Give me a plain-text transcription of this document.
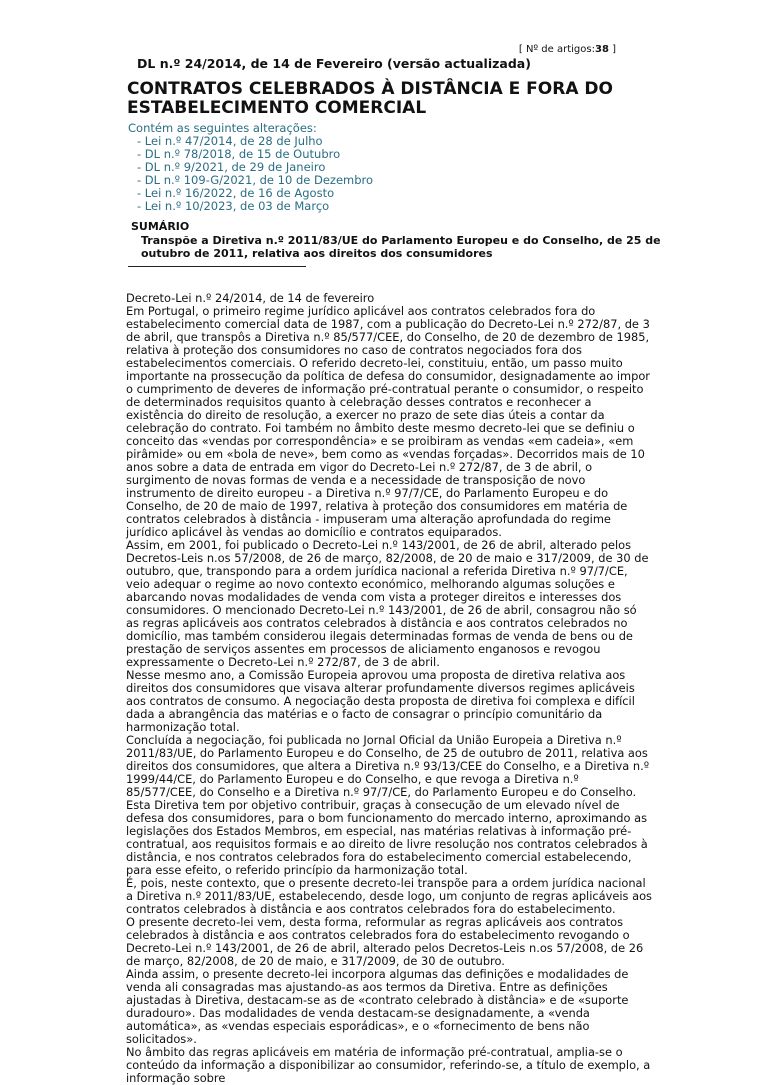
[ Nº de artigos:38 ]
DL n.º 24/2014, de 14 de Fevereiro (versão actualizada)
CONTRATOS CELEBRADOS À DISTÂNCIA E FORA DO ESTABELECIMENTO COMERCIAL
Contém as seguintes alterações:
- Lei n.º 47/2014, de 28 de Julho
- DL n.º 78/2018, de 15 de Outubro
- DL n.º 9/2021, de 29 de Janeiro
- DL n.º 109-G/2021, de 10 de Dezembro
- Lei n.º 16/2022, de 16 de Agosto
- Lei n.º 10/2023, de 03 de Março
SUMÁRIO
Transpõe a Diretiva n.º 2011/83/UE do Parlamento Europeu e do Conselho, de 25 de outubro de 2011, relativa aos direitos dos consumidores

Decreto-Lei n.º 24/2014, de 14 de fevereiro

Em Portugal, o primeiro regime jurídico aplicável aos contratos celebrados fora do estabelecimento comercial data de 1987, com a publicação do Decreto-Lei n.º 272/87, de 3 de abril, que transpôs a Diretiva n.º 85/577/CEE, do Conselho, de 20 de dezembro de 1985, relativa à proteção dos consumidores no caso de contratos negociados fora dos estabelecimentos comerciais. O referido decreto-lei, constituiu, então, um passo muito importante na prossecução da política de defesa do consumidor, designadamente ao impor o cumprimento de deveres de informação pré-contratual perante o consumidor, o respeito de determinados requisitos quanto à celebração desses contratos e reconhecer a existência do direito de resolução, a exercer no prazo de sete dias úteis a contar da celebração do contrato. Foi também no âmbito deste mesmo decreto-lei que se definiu o conceito das «vendas por correspondência» e se proibiram as vendas «em cadeia», «em pirâmide» ou em «bola de neve», bem como as «vendas forçadas». Decorridos mais de 10 anos sobre a data de entrada em vigor do Decreto-Lei n.º 272/87, de 3 de abril, o surgimento de novas formas de venda e a necessidade de transposição de novo instrumento de direito europeu - a Diretiva n.º 97/7/CE, do Parlamento Europeu e do Conselho, de 20 de maio de 1997, relativa à proteção dos consumidores em matéria de contratos celebrados à distância - impuseram uma alteração aprofundada do regime jurídico aplicável às vendas ao domicílio e contratos equiparados.

Assim, em 2001, foi publicado o Decreto-Lei n.º 143/2001, de 26 de abril, alterado pelos Decretos-Leis n.os 57/2008, de 26 de março, 82/2008, de 20 de maio e 317/2009, de 30 de outubro, que, transpondo para a ordem jurídica nacional a referida Diretiva n.º 97/7/CE, veio adequar o regime ao novo contexto económico, melhorando algumas soluções e abarcando novas modalidades de venda com vista a proteger direitos e interesses dos consumidores. O mencionado Decreto-Lei n.º 143/2001, de 26 de abril, consagrou não só as regras aplicáveis aos contratos celebrados à distância e aos contratos celebrados no domicílio, mas também considerou ilegais determinadas formas de venda de bens ou de prestação de serviços assentes em processos de aliciamento enganosos e revogou expressamente o Decreto-Lei n.º 272/87, de 3 de abril.

Nesse mesmo ano, a Comissão Europeia aprovou uma proposta de diretiva relativa aos direitos dos consumidores que visava alterar profundamente diversos regimes aplicáveis aos contratos de consumo. A negociação desta proposta de diretiva foi complexa e difícil dada a abrangência das matérias e o facto de consagrar o princípio comunitário da harmonização total.

Concluída a negociação, foi publicada no Jornal Oficial da União Europeia a Diretiva n.º 2011/83/UE, do Parlamento Europeu e do Conselho, de 25 de outubro de 2011, relativa aos direitos dos consumidores, que altera a Diretiva n.º 93/13/CEE do Conselho, e a Diretiva n.º 1999/44/CE, do Parlamento Europeu e do Conselho, e que revoga a Diretiva n.º 85/577/CEE, do Conselho e a Diretiva n.º 97/7/CE, do Parlamento Europeu e do Conselho. Esta Diretiva tem por objetivo contribuir, graças à consecução de um elevado nível de defesa dos consumidores, para o bom funcionamento do mercado interno, aproximando as legislações dos Estados Membros, em especial, nas matérias relativas à informação pré-contratual, aos requisitos formais e ao direito de livre resolução nos contratos celebrados à distância, e nos contratos celebrados fora do estabelecimento comercial estabelecendo, para esse efeito, o referido princípio da harmonização total.

É, pois, neste contexto, que o presente decreto-lei transpõe para a ordem jurídica nacional a Diretiva n.º 2011/83/UE, estabelecendo, desde logo, um conjunto de regras aplicáveis aos contratos celebrados à distância e aos contratos celebrados fora do estabelecimento.

O presente decreto-lei vem, desta forma, reformular as regras aplicáveis aos contratos celebrados à distância e aos contratos celebrados fora do estabelecimento revogando o Decreto-Lei n.º 143/2001, de 26 de abril, alterado pelos Decretos-Leis n.os 57/2008, de 26 de março, 82/2008, de 20 de maio, e 317/2009, de 30 de outubro.

Ainda assim, o presente decreto-lei incorpora algumas das definições e modalidades de venda ali consagradas mas ajustando-as aos termos da Diretiva. Entre as definições ajustadas à Diretiva, destacam-se as de «contrato celebrado à distância» e de «suporte duradouro». Das modalidades de venda destacam-se designadamente, a «venda automática», as «vendas especiais esporádicas», e o «fornecimento de bens não solicitados».

No âmbito das regras aplicáveis em matéria de informação pré-contratual, amplia-se o conteúdo da informação a disponibilizar ao consumidor, referindo-se, a título de exemplo, a informação sobre
